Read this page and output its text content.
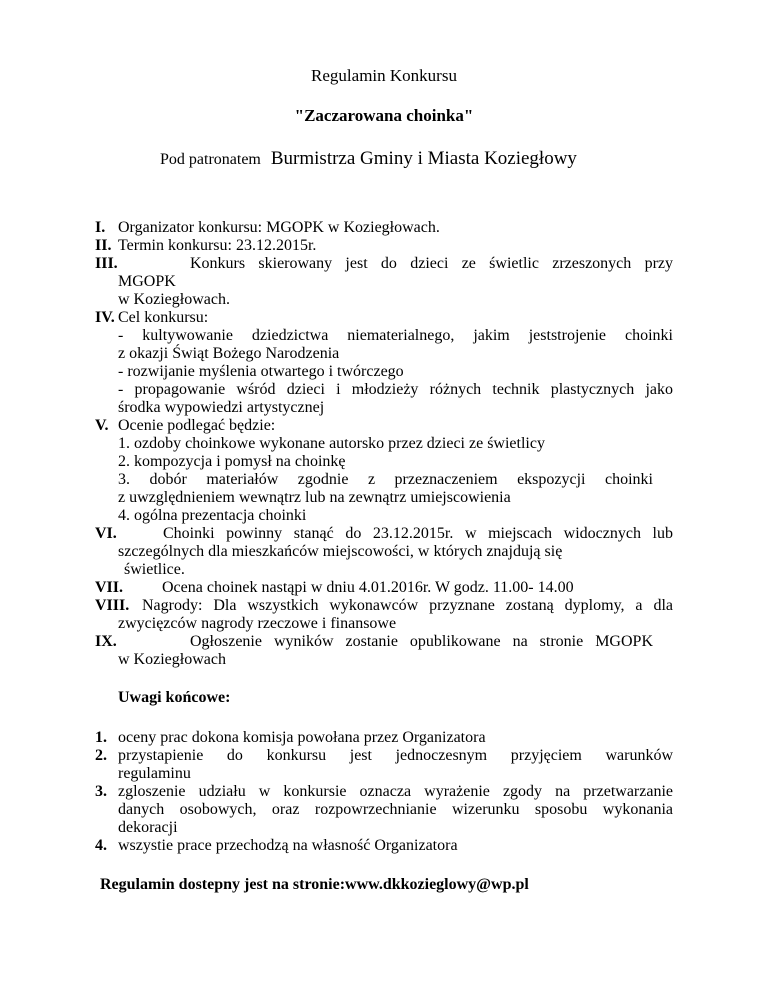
Regulamin Konkursu
"Zaczarowana choinka"
Pod patronatem Burmistrza Gminy i Miasta Koziegłowy
I. Organizator konkursu: MGOPK w Koziegłowach.
II. Termin konkursu: 23.12.2015r.
III.	Konkurs skierowany jest do dzieci ze świetlic zrzeszonych przy
MGOPK
w Koziegłowach.
IV. Cel konkursu:
- kultywowanie dziedzictwa niematerialnego, jakim jeststrojenie choinki
z okazji Świąt Bożego Narodzenia
- rozwijanie myślenia otwartego i twórczego
- propagowanie wśród dzieci i młodzieży różnych technik plastycznych jako
środka wypowiedzi artystycznej
V. Ocenie podlegać będzie:
1. ozdoby choinkowe wykonane autorsko przez dzieci ze świetlicy
2. kompozycja i pomysł na choinkę
3. dobór materiałów zgodnie z przeznaczeniem ekspozycji choinki
z uwzględnieniem wewnątrz lub na zewnątrz umiejscowienia
4. ogólna prezentacja choinki
VI.	Choinki powinny stanąć do 23.12.2015r. w miejscach widocznych lub
szczególnych dla mieszkańców miejscowości, w których znajdują się
świetlice.
VII. Ocena choinek nastąpi w dniu 4.01.2016r. W godz. 11.00- 14.00
VIII. Nagrody: Dla wszystkich wykonawców przyznane zostaną dyplomy, a dla
zwycięzców nagrody rzeczowe i finansowe
IX.	Ogłoszenie wyników zostanie opublikowane na stronie MGOPK
w Koziegłowach
Uwagi końcowe:
1. oceny prac dokona komisja powołana przez Organizatora
2. przystapienie do konkursu jest jednoczesnym przyjęciem warunków
regulaminu
3. zgloszenie udziału w konkursie oznacza wyrażenie zgody na przetwarzanie
danych osobowych, oraz rozpowrzechnianie wizerunku sposobu wykonania
dekoracji
4. wszystie prace przechodzą na własność Organizatora
Regulamin dostepny jest na stronie:www.dkkozieglowy@wp.pl
